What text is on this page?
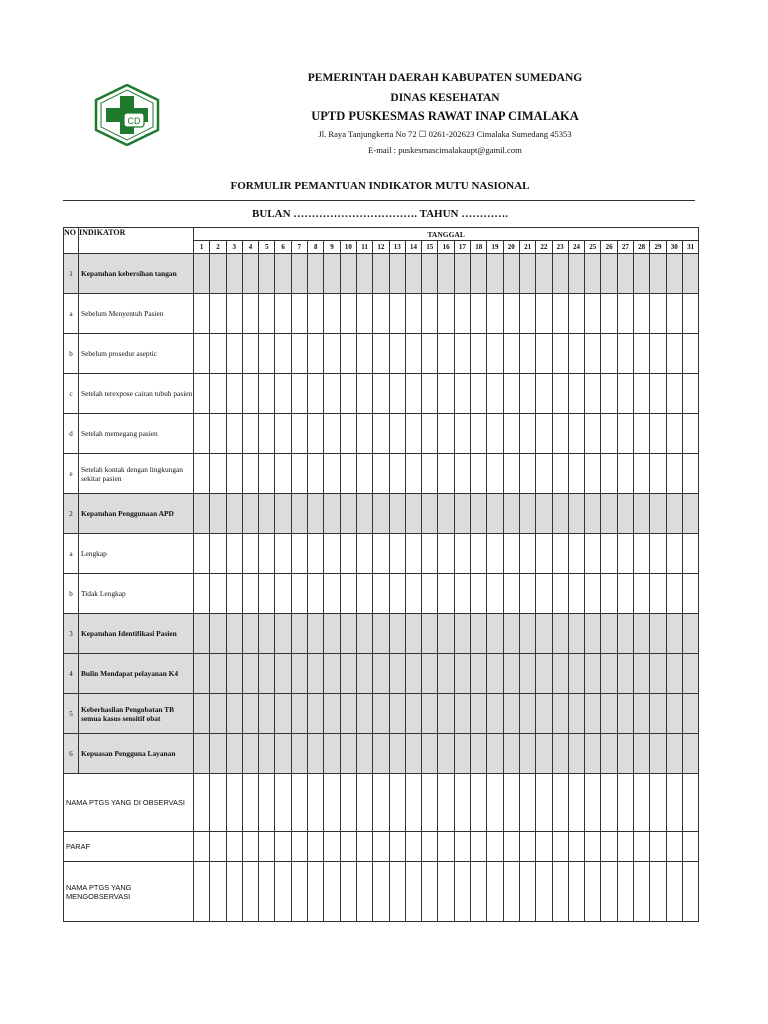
CD
PEMERINTAH DAERAH KABUPATEN SUMEDANG
DINAS KESEHATAN
UPTD PUSKESMAS RAWAT INAP CIMALAKA
Jl. Raya Tanjungkerta No 72 ☐ 0261-202623 Cimalaka Sumedang 45353
E-mail : puskesmascimalakaupt@gamil.com
FORMULIR PEMANTUAN INDIKATOR MUTU NASIONAL
BULAN ……………………………. TAHUN ………….
NO	INDIKATOR	TANGGAL																														
		1	2	3	4	5	6	7	8	9	10	11	12	13	14	15	16	17	18	19	20	21	22	23	24	25	26	27	28	29	30	31
1	Kepatuhan kebersihan tangan																															
a	Sebelum Menyentuh Pasien																															
b	Sebelum prosedur aseptic																															
c	Setelah terexpose cairan tubuh pasien																															
d	Setelah memegang pasien																															
e	Setelah kontak dengan lingkungan sekitar pasien																															
2	Kepatuhan Penggunaan APD																															
a	Lengkap																															
b	Tidak Lengkap																															
3	Kepatuhan Identifikasi Pasien																															
4	Bulin Mendapat pelayanan K4																															
5	Keberhasilan Pengobatan TB semua kasus sensitif obat																															
6	Kepuasan Pengguna Layanan																															
NAMA PTGS YANG DI OBSERVASI																																
PARAF																																
NAMA PTGS YANG MENGOBSERVASI																																
